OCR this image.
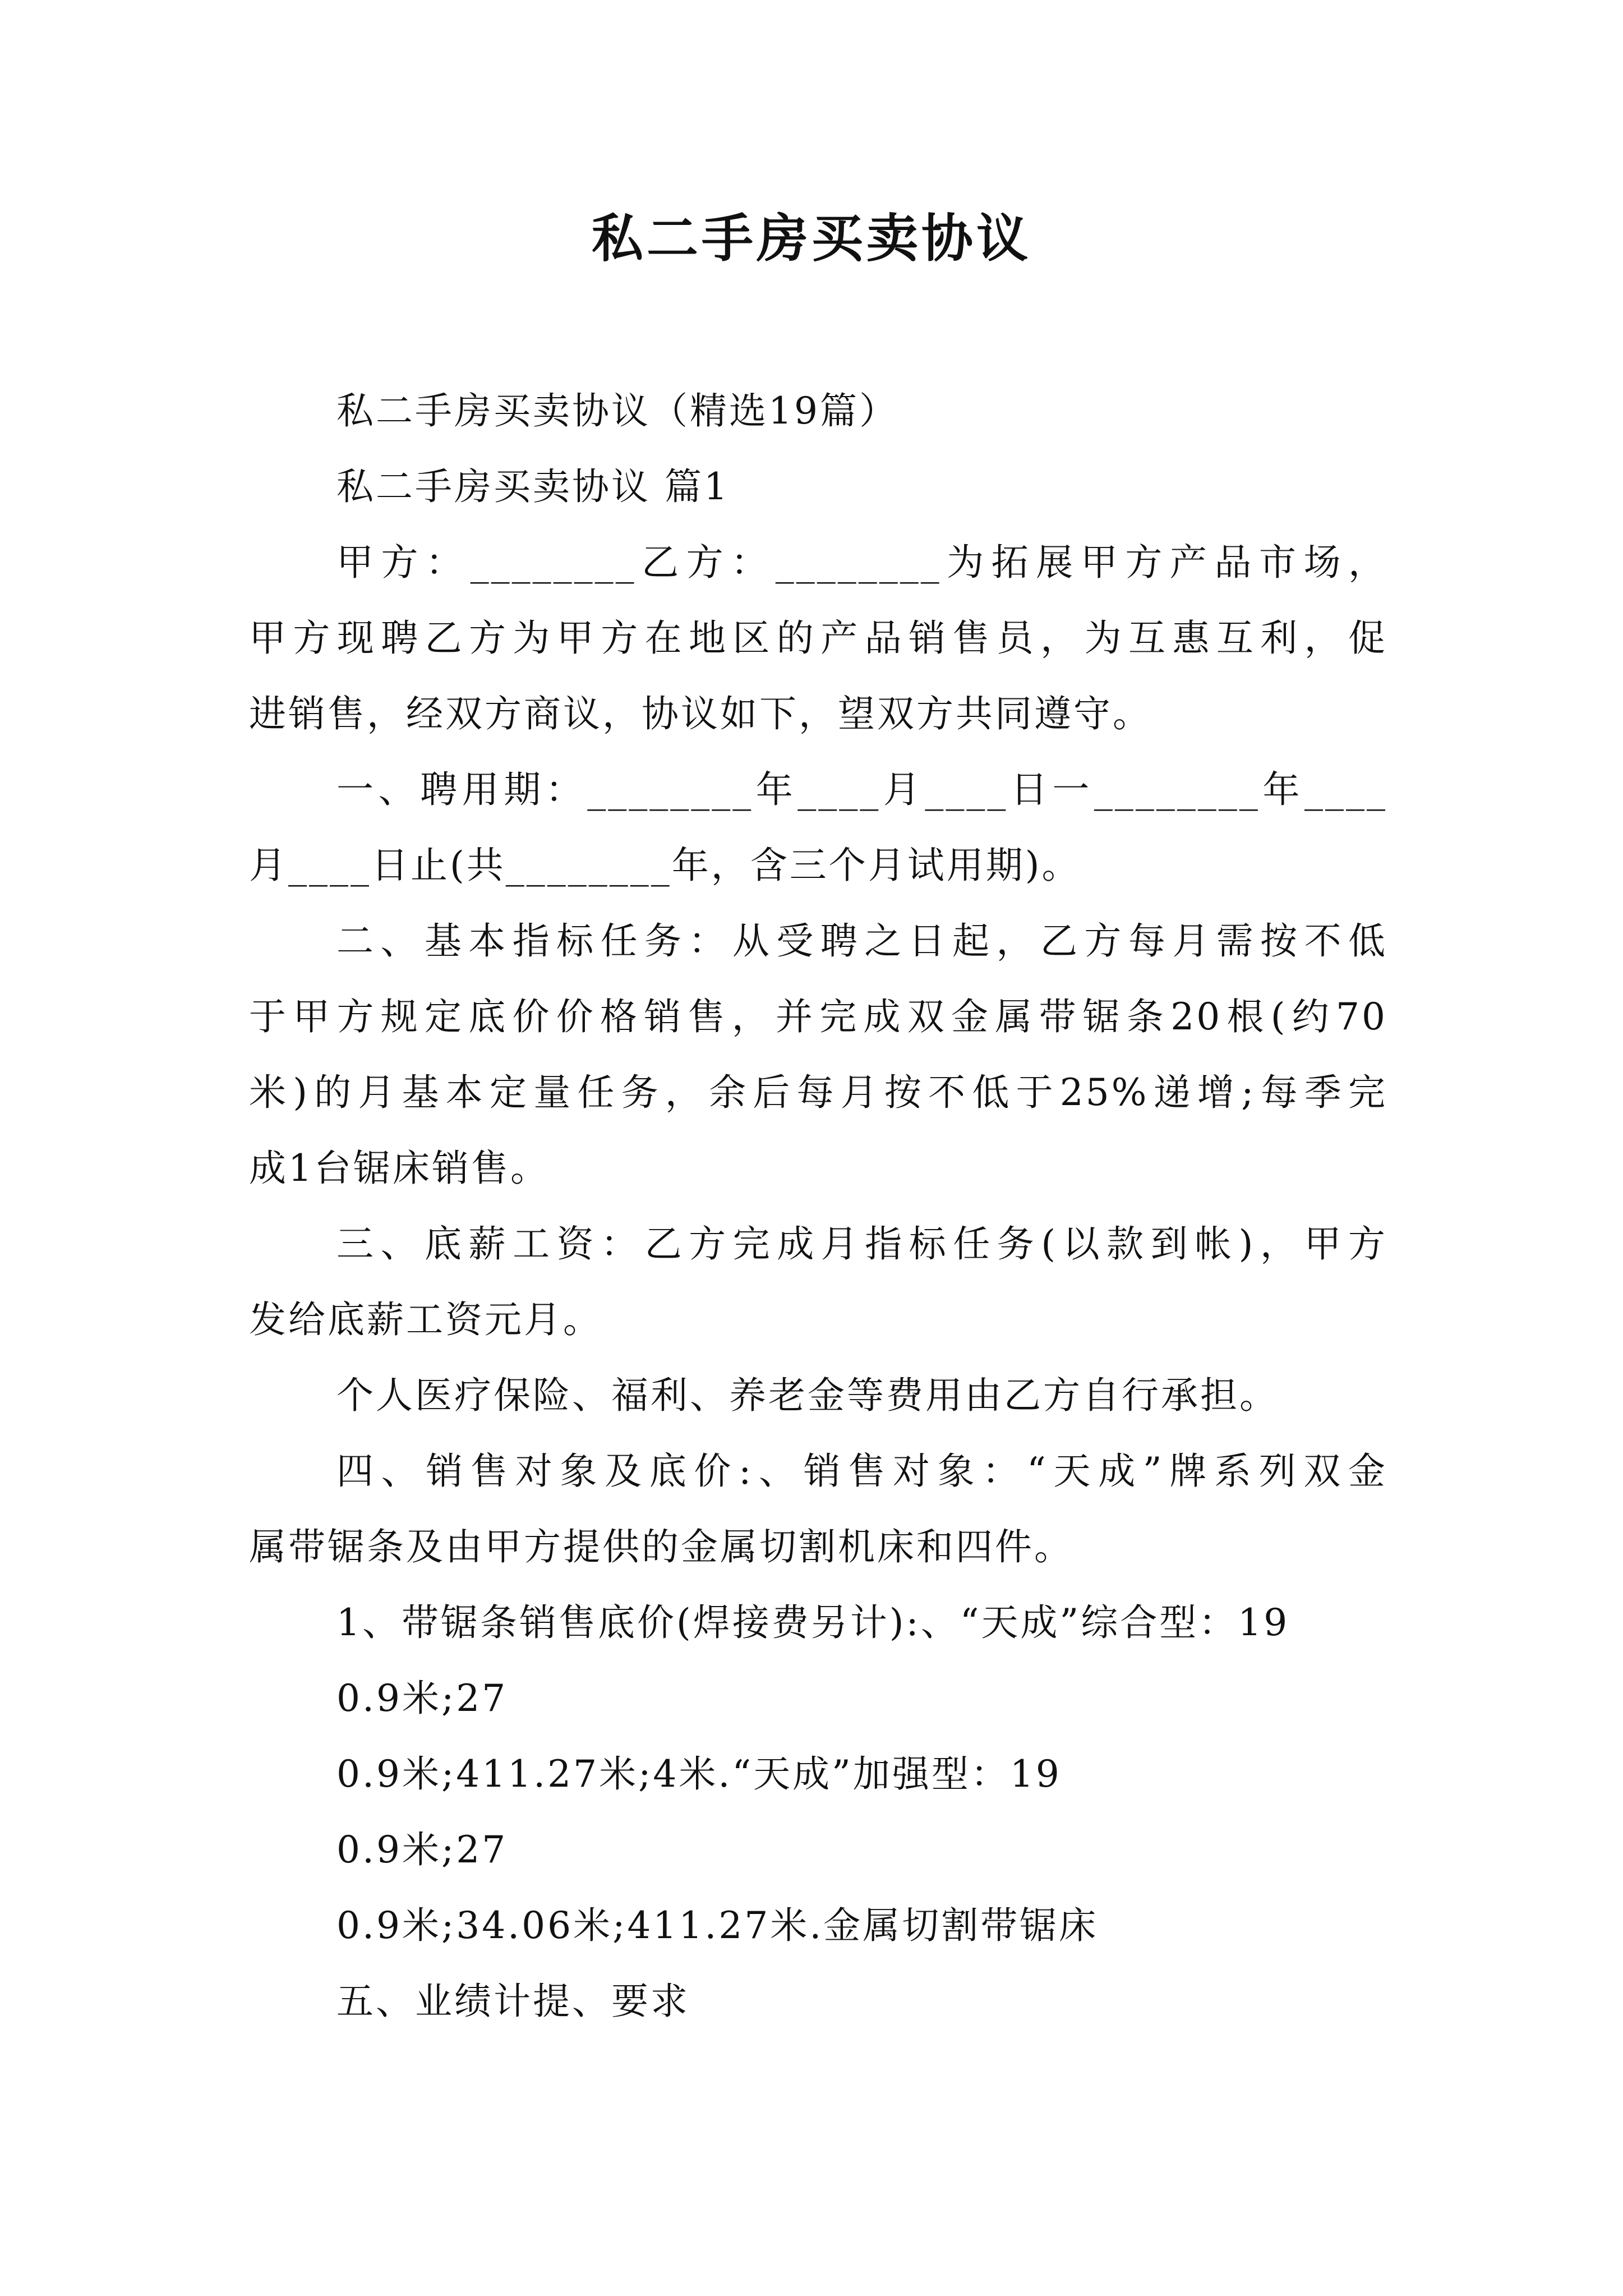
私二手房买卖协议

私二手房买卖协议（精选19篇）

私二手房买卖协议 篇1

甲方：________乙方：________为拓展甲方产品市场，

甲方现聘乙方为甲方在地区的产品销售员，为互惠互利，促

进销售，经双方商议，协议如下，望双方共同遵守。

一、聘用期：________年____月____日一________年____

月____日止(共________年，含三个月试用期)。

二、基本指标任务：从受聘之日起，乙方每月需按不低

于甲方规定底价价格销售，并完成双金属带锯条20根(约70

米)的月基本定量任务，余后每月按不低于25%递增;每季完

成1台锯床销售。

三、底薪工资：乙方完成月指标任务(以款到帐)，甲方

发给底薪工资元月。

个人医疗保险、福利、养老金等费用由乙方自行承担。

四、销售对象及底价:、销售对象：“天成”牌系列双金

属带锯条及由甲方提供的金属切割机床和四件。

1、带锯条销售底价(焊接费另计):、“天成”综合型：19

0.9米;27

0.9米;411.27米;4米.“天成”加强型：19

0.9米;27

0.9米;34.06米;411.27米.金属切割带锯床

五、业绩计提、要求
